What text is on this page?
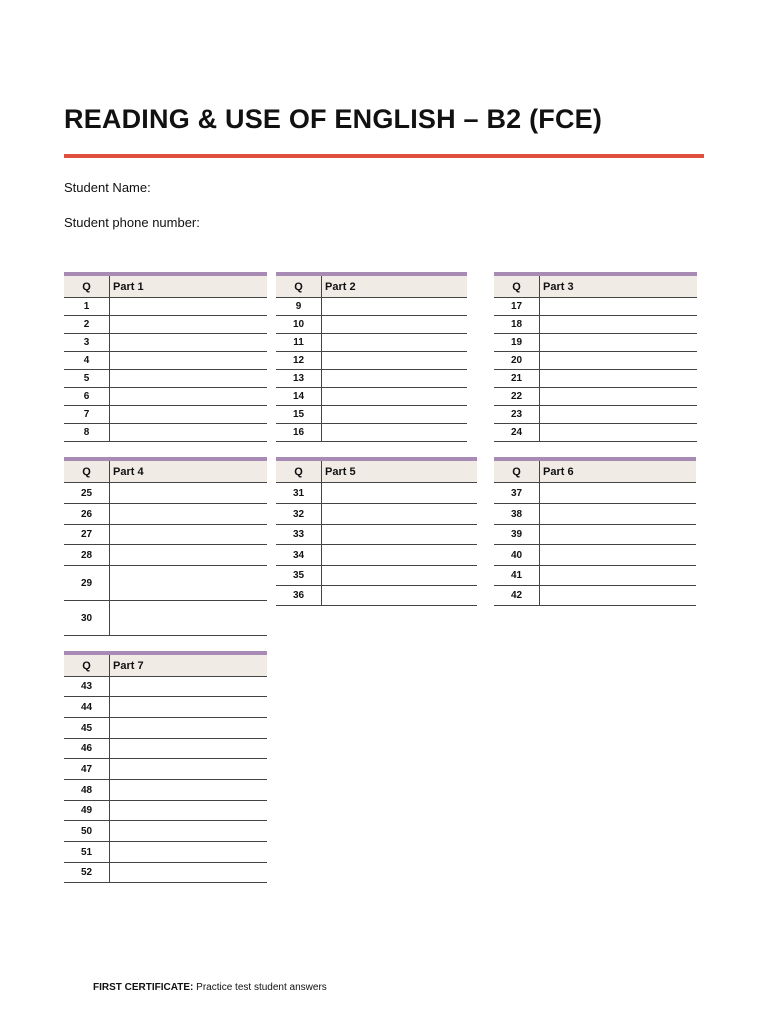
READING & USE OF ENGLISH – B2 (FCE)
Student Name:
Student phone number:
Q	Part 1
1
2
3
4
5
6
7
8
Q	Part 2
9
10
11
12
13
14
15
16
Q	Part 3
17
18
19
20
21
22
23
24
Q	Part 4
25
26
27
28
29
30
Q	Part 5
31
32
33
34
35
36
Q	Part 6
37
38
39
40
41
42
Q	Part 7
43
44
45
46
47
48
49
50
51
52
FIRST CERTIFICATE: Practice test student answers
